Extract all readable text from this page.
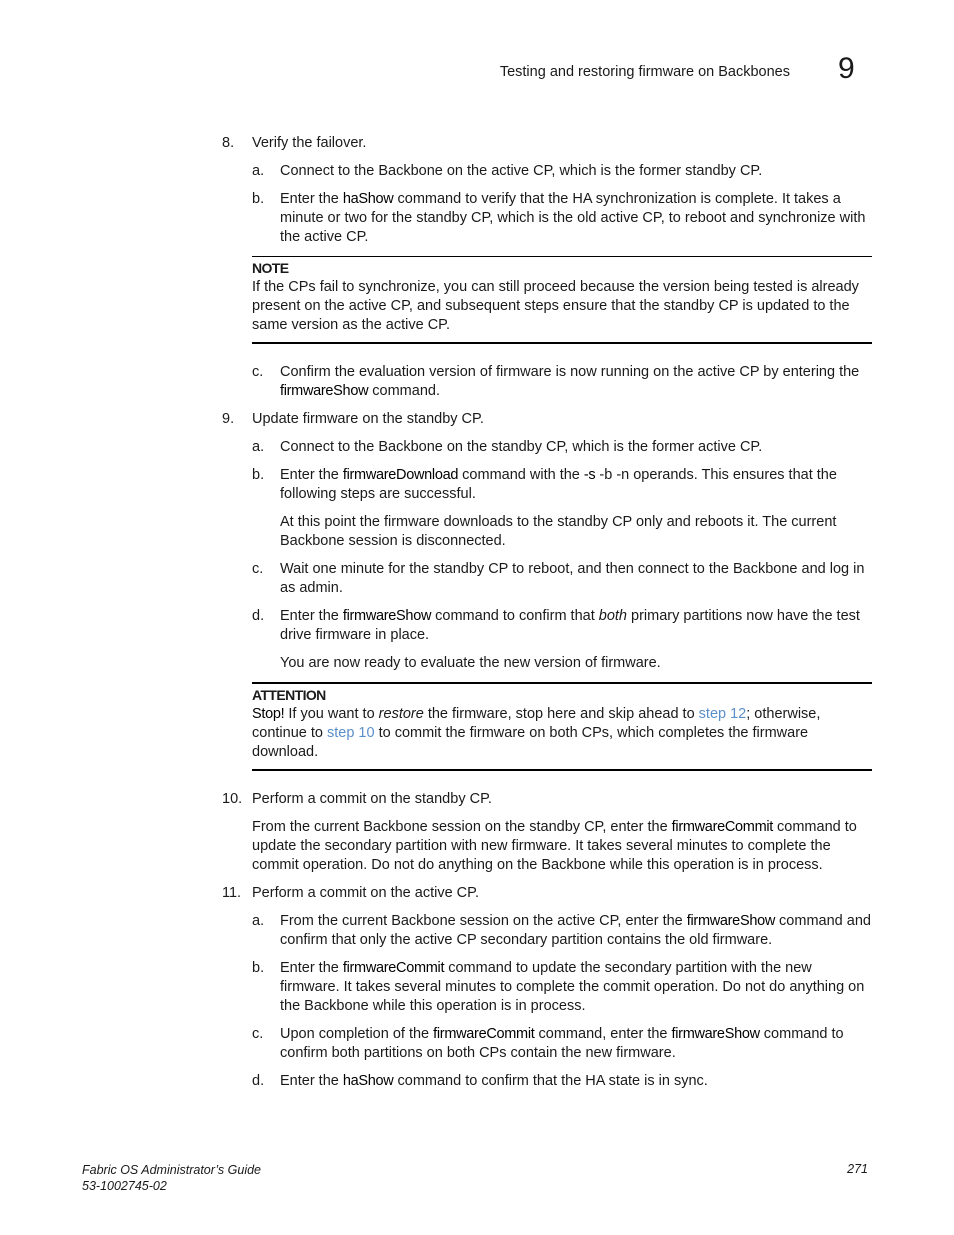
Testing and restoring firmware on Backbones 9
8.	Verify the failover.
a. Connect to the Backbone on the active CP, which is the former standby CP.
b. Enter the haShow command to verify that the HA synchronization is complete. It takes a minute or two for the standby CP, which is the old active CP, to reboot and synchronize with the active CP.
NOTE
If the CPs fail to synchronize, you can still proceed because the version being tested is already present on the active CP, and subsequent steps ensure that the standby CP is updated to the same version as the active CP.
c. Confirm the evaluation version of firmware is now running on the active CP by entering the firmwareShow command.
9.	Update firmware on the standby CP.
a. Connect to the Backbone on the standby CP, which is the former active CP.
b. Enter the firmwareDownload command with the -s -b -n operands. This ensures that the following steps are successful.
At this point the firmware downloads to the standby CP only and reboots it. The current Backbone session is disconnected.
c. Wait one minute for the standby CP to reboot, and then connect to the Backbone and log in as admin.
d. Enter the firmwareShow command to confirm that both primary partitions now have the test drive firmware in place.
You are now ready to evaluate the new version of firmware.
ATTENTION
Stop! If you want to restore the firmware, stop here and skip ahead to step 12; otherwise, continue to step 10 to commit the firmware on both CPs, which completes the firmware download.
10. Perform a commit on the standby CP.
From the current Backbone session on the standby CP, enter the firmwareCommit command to update the secondary partition with new firmware. It takes several minutes to complete the commit operation. Do not do anything on the Backbone while this operation is in process.
11. Perform a commit on the active CP.
a. From the current Backbone session on the active CP, enter the firmwareShow command and confirm that only the active CP secondary partition contains the old firmware.
b. Enter the firmwareCommit command to update the secondary partition with the new firmware. It takes several minutes to complete the commit operation. Do not do anything on the Backbone while this operation is in process.
c. Upon completion of the firmwareCommit command, enter the firmwareShow command to confirm both partitions on both CPs contain the new firmware.
d. Enter the haShow command to confirm that the HA state is in sync.
Fabric OS Administrator’s Guide
53-1002745-02
271
